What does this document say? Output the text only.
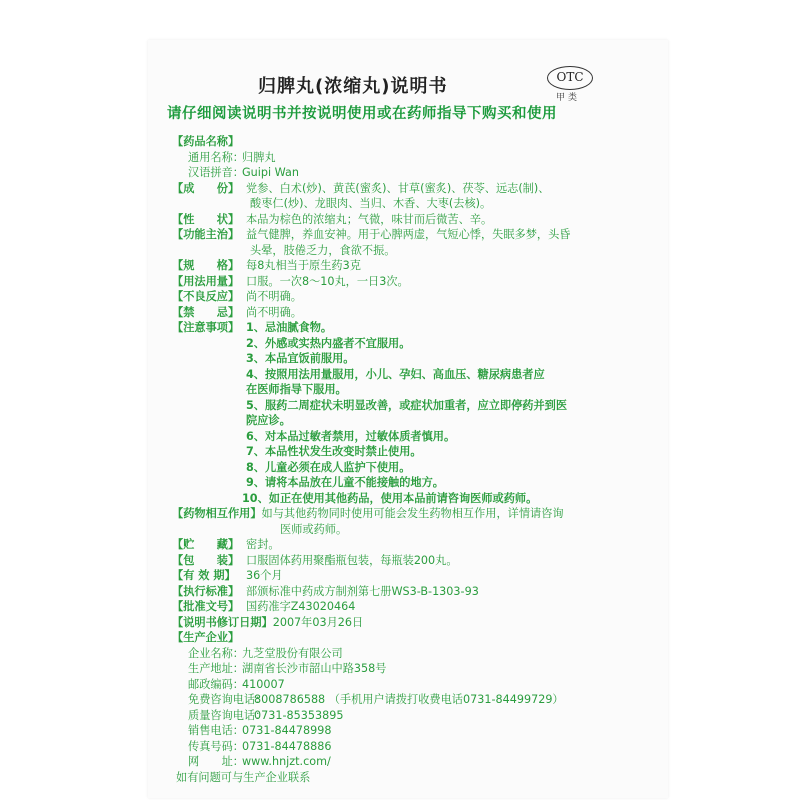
归脾丸(浓缩丸)说明书	OTC
甲类
请仔细阅读说明书并按说明使用或在药师指导下购买和使用
【药品名称】
通用名称：归脾丸
汉语拼音：Guipi Wan
【成　　份】 党参、白术(炒)、黄芪(蜜炙)、甘草(蜜炙)、茯苓、远志(制)、
酸枣仁(炒)、龙眼肉、当归、木香、大枣(去核)。
【性　　状】 本品为棕色的浓缩丸；气微，味甘而后微苦、辛。
【功能主治】 益气健脾，养血安神。用于心脾两虚，气短心悸，失眠多梦，头昏
头晕，肢倦乏力，食欲不振。
【规　　格】 每8丸相当于原生药3克
【用法用量】 口服。一次8～10丸，一日3次。
【不良反应】 尚不明确。
【禁　　忌】 尚不明确。
【注意事项】 1、忌油腻食物。
2、外感或实热内盛者不宜服用。
3、本品宜饭前服用。
4、按照用法用量服用，小儿、孕妇、高血压、糖尿病患者应在医师指导下服用。
5、服药二周症状未明显改善，或症状加重者，应立即停药并到医院应诊。
6、对本品过敏者禁用，过敏体质者慎用。
7、本品性状发生改变时禁止使用。
8、儿童必须在成人监护下使用。
9、请将本品放在儿童不能接触的地方。
10、如正在使用其他药品，使用本品前请咨询医师或药师。
【药物相互作用】如与其他药物同时使用可能会发生药物相互作用，详情请咨询
医师或药师。
【贮　　藏】 密封。
【包　　装】 口服固体药用聚酯瓶包装，每瓶装200丸。
【有 效 期】 36个月
【执行标准】 部颁标准中药成方制剂第七册WS3-B-1303-93
【批准文号】 国药准字Z43020464
【说明书修订日期】2007年03月26日
【生产企业】
企业名称：九芝堂股份有限公司
生产地址：湖南省长沙市韶山中路358号
邮政编码：410007
免费咨询电话：8008786588 （手机用户请拨打收费电话0731-84499729）
质量咨询电话：0731-85353895
销售电话：0731-84478998
传真号码：0731-84478886
网　　址：www.hnjzt.com/
如有问题可与生产企业联系
